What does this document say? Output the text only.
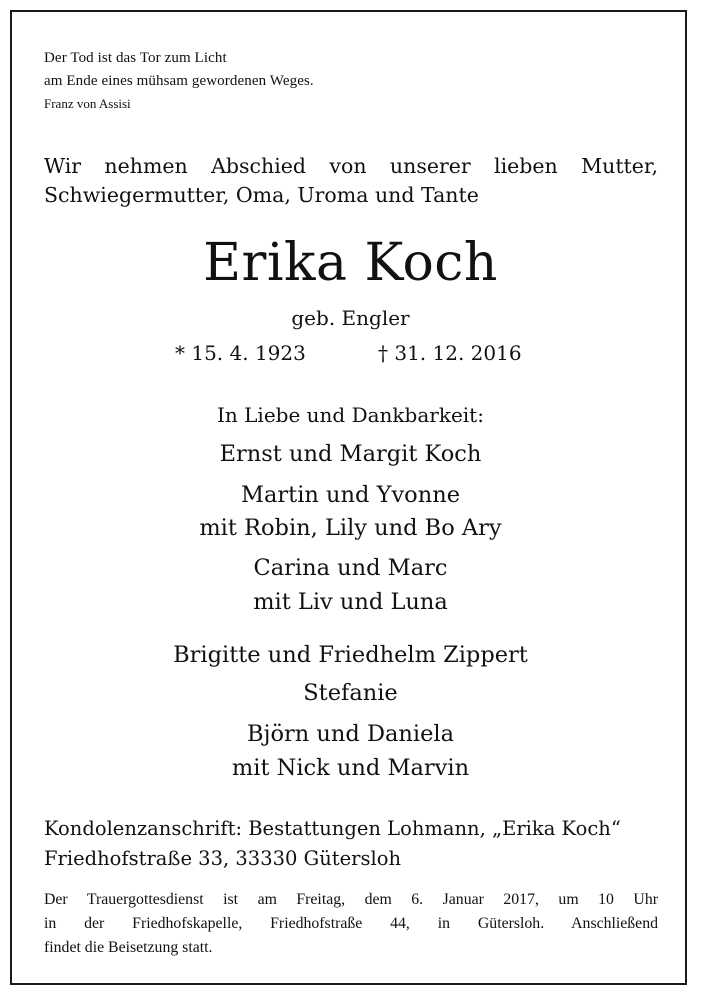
Der Tod ist das Tor zum Licht
am Ende eines mühsam gewordenen Weges.
Franz von Assisi
Wir nehmen Abschied von unserer lieben Mutter,
Schwiegermutter, Oma, Uroma und Tante
Erika Koch
geb. Engler
* 15. 4. 1923	† 31. 12. 2016
In Liebe und Dankbarkeit:
Ernst und Margit Koch
Martin und Yvonne
mit Robin, Lily und Bo Ary
Carina und Marc
mit Liv und Luna
Brigitte und Friedhelm Zippert
Stefanie
Björn und Daniela
mit Nick und Marvin
Kondolenzanschrift: Bestattungen Lohmann, „Erika Koch“
Friedhofstraße 33, 33330 Gütersloh
Der Trauergottesdienst ist am Freitag, dem 6. Januar 2017, um 10 Uhr
in der Friedhofskapelle, Friedhofstraße 44, in Gütersloh. Anschließend
findet die Beisetzung statt.
